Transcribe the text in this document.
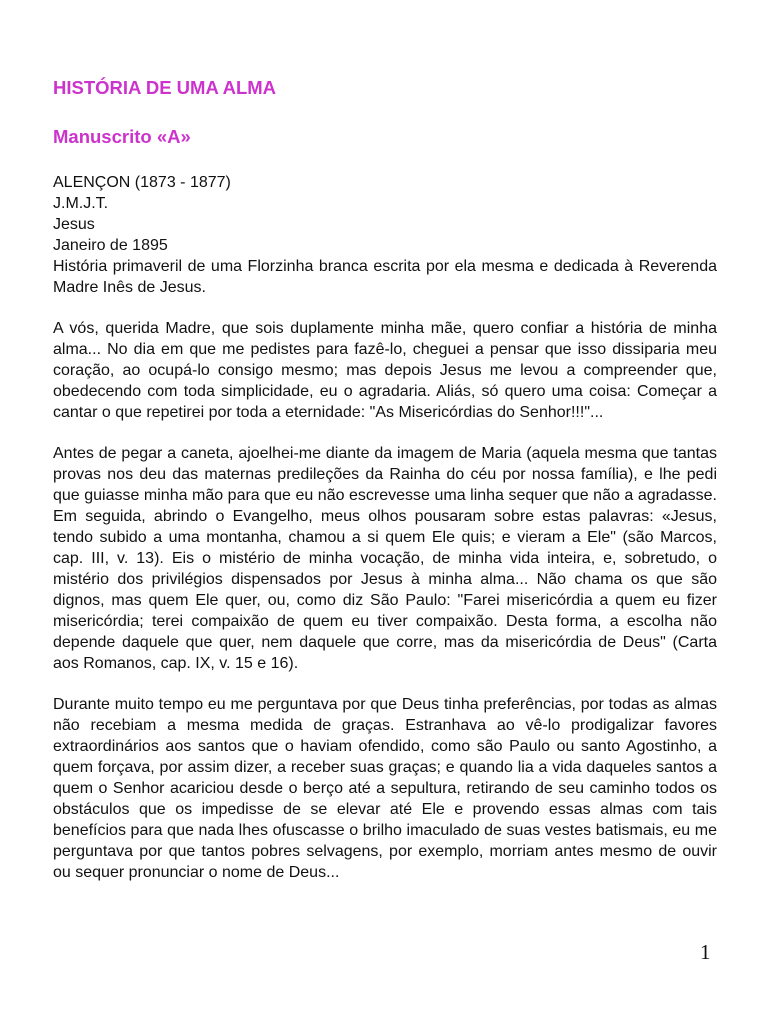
HISTÓRIA DE UMA ALMA
Manuscrito «A»
ALENÇON (1873 - 1877)
J.M.J.T.
Jesus
Janeiro de 1895
História primaveril de uma Florzinha branca escrita por ela mesma e dedicada à Reverenda Madre Inês de Jesus.

A vós, querida Madre, que sois duplamente minha mãe, quero confiar a história de minha alma... No dia em que me pedistes para fazê-lo, cheguei a pensar que isso dissiparia meu coração, ao ocupá-lo consigo mesmo; mas depois Jesus me levou a compreender que, obedecendo com toda simplicidade, eu o agradaria. Aliás, só quero uma coisa: Começar a cantar o que repetirei por toda a eternidade: "As Misericórdias do Senhor!!!"...

Antes de pegar a caneta, ajoelhei-me diante da imagem de Maria (aquela mesma que tantas provas nos deu das maternas predileções da Rainha do céu por nossa família), e lhe pedi que guiasse minha mão para que eu não escrevesse uma linha sequer que não a agradasse. Em seguida, abrindo o Evangelho, meus olhos pousaram sobre estas palavras: «Jesus, tendo subido a uma montanha, chamou a si quem Ele quis; e vieram a Ele" (são Marcos, cap. III, v. 13). Eis o mistério de minha vocação, de minha vida inteira, e, sobretudo, o mistério dos privilégios dispensados por Jesus à minha alma... Não chama os que são dignos, mas quem Ele quer, ou, como diz São Paulo: "Farei misericórdia a quem eu fizer misericórdia; terei compaixão de quem eu tiver compaixão. Desta forma, a escolha não depende daquele que quer, nem daquele que corre, mas da misericórdia de Deus" (Carta aos Romanos, cap. IX, v. 15 e 16).

Durante muito tempo eu me perguntava por que Deus tinha preferências, por todas as almas não recebiam a mesma medida de graças. Estranhava ao vê-lo prodigalizar favores extraordinários aos santos que o haviam ofendido, como são Paulo ou santo Agostinho, a quem forçava, por assim dizer, a receber suas graças; e quando lia a vida daqueles santos a quem o Senhor acariciou desde o berço até a sepultura, retirando de seu caminho todos os obstáculos que os impedisse de se elevar até Ele e provendo essas almas com tais benefícios para que nada lhes ofuscasse o brilho imaculado de suas vestes batismais, eu me perguntava por que tantos pobres selvagens, por exemplo, morriam antes mesmo de ouvir ou sequer pronunciar o nome de Deus...

1
